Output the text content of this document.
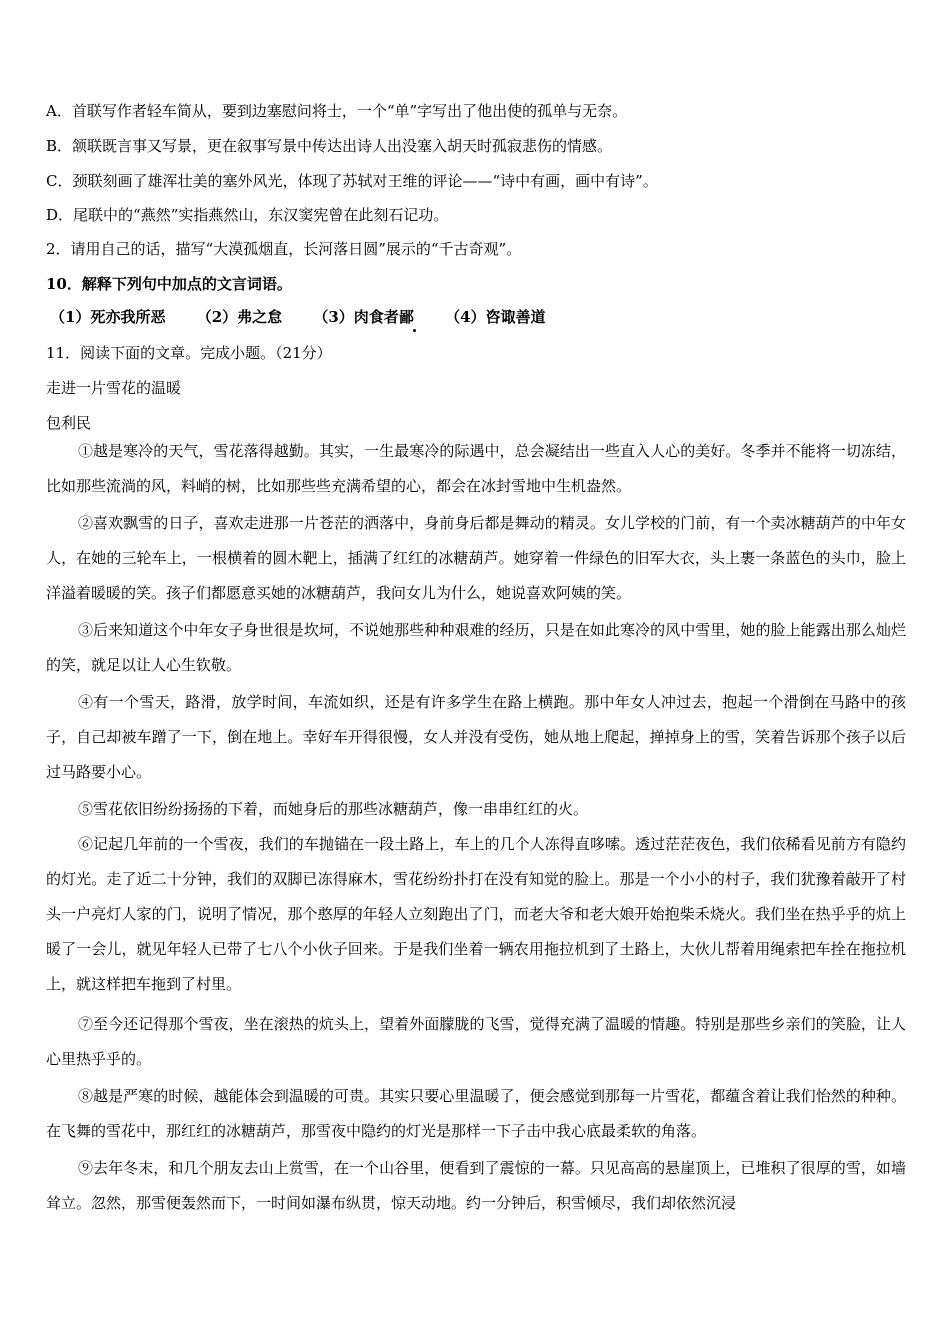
A．首联写作者轻车简从，要到边塞慰问将士，一个“单”字写出了他出使的孤单与无奈。
B．颔联既言事又写景，更在叙事写景中传达出诗人出没塞入胡天时孤寂悲伤的情感。
C．颈联刻画了雄浑壮美的塞外风光，体现了苏轼对王维的评论——“诗中有画，画中有诗”。
D．尾联中的“燕然”实指燕然山，东汉窦宪曾在此刻石记功。
2．请用自己的话，描写“大漠孤烟直，长河落日圆”展示的“千古奇观”。
10．解释下列句中加点的文言词语。
（1）死亦我所恶 （2）弗之怠 （3）肉食者鄙 （4）咨诹善道
11．阅读下面的文章。完成小题。（21分）
走进一片雪花的温暖
包利民
①越是寒冷的天气，雪花落得越勤。其实，一生最寒冷的际遇中，总会凝结出一些直入人心的美好。冬季并不能将一切冻结，比如那些流淌的风，料峭的树，比如那些些充满希望的心，都会在冰封雪地中生机盎然。
②喜欢飘雪的日子，喜欢走进那一片苍茫的洒落中，身前身后都是舞动的精灵。女儿学校的门前，有一个卖冰糖葫芦的中年女人，在她的三轮车上，一根横着的圆木靶上，插满了红红的冰糖葫芦。她穿着一件绿色的旧军大衣，头上裹一条蓝色的头巾，脸上洋溢着暖暖的笑。孩子们都愿意买她的冰糖葫芦，我问女儿为什么，她说喜欢阿姨的笑。
③后来知道这个中年女子身世很是坎坷，不说她那些种种艰难的经历，只是在如此寒冷的风中雪里，她的脸上能露出那么灿烂的笑，就足以让人心生钦敬。
④有一个雪天，路滑，放学时间，车流如织，还是有许多学生在路上横跑。那中年女人冲过去，抱起一个滑倒在马路中的孩子，自己却被车蹭了一下，倒在地上。幸好车开得很慢，女人并没有受伤，她从地上爬起，掸掉身上的雪，笑着告诉那个孩子以后过马路要小心。
⑤雪花依旧纷纷扬扬的下着，而她身后的那些冰糖葫芦，像一串串红红的火。
⑥记起几年前的一个雪夜，我们的车抛锚在一段土路上，车上的几个人冻得直哆嗦。透过茫茫夜色，我们依稀看见前方有隐约的灯光。走了近二十分钟，我们的双脚已冻得麻木，雪花纷纷扑打在没有知觉的脸上。那是一个小小的村子，我们犹豫着敲开了村头一户亮灯人家的门，说明了情况，那个憨厚的年轻人立刻跑出了门，而老大爷和老大娘开始抱柴禾烧火。我们坐在热乎乎的炕上暖了一会儿，就见年轻人已带了七八个小伙子回来。于是我们坐着一辆农用拖拉机到了土路上，大伙儿帮着用绳索把车拴在拖拉机上，就这样把车拖到了村里。
⑦至今还记得那个雪夜，坐在滚热的炕头上，望着外面朦胧的飞雪，觉得充满了温暖的情趣。特别是那些乡亲们的笑脸，让人心里热乎乎的。
⑧越是严寒的时候，越能体会到温暖的可贵。其实只要心里温暖了，便会感觉到那每一片雪花，都蕴含着让我们怡然的种种。在飞舞的雪花中，那红红的冰糖葫芦，那雪夜中隐约的灯光是那样一下子击中我心底最柔软的角落。
⑨去年冬末，和几个朋友去山上赏雪，在一个山谷里，便看到了震惊的一幕。只见高高的悬崖顶上，已堆积了很厚的雪，如墙耸立。忽然，那雪便轰然而下，一时间如瀑布纵贯，惊天动地。约一分钟后，积雪倾尽，我们却依然沉浸
